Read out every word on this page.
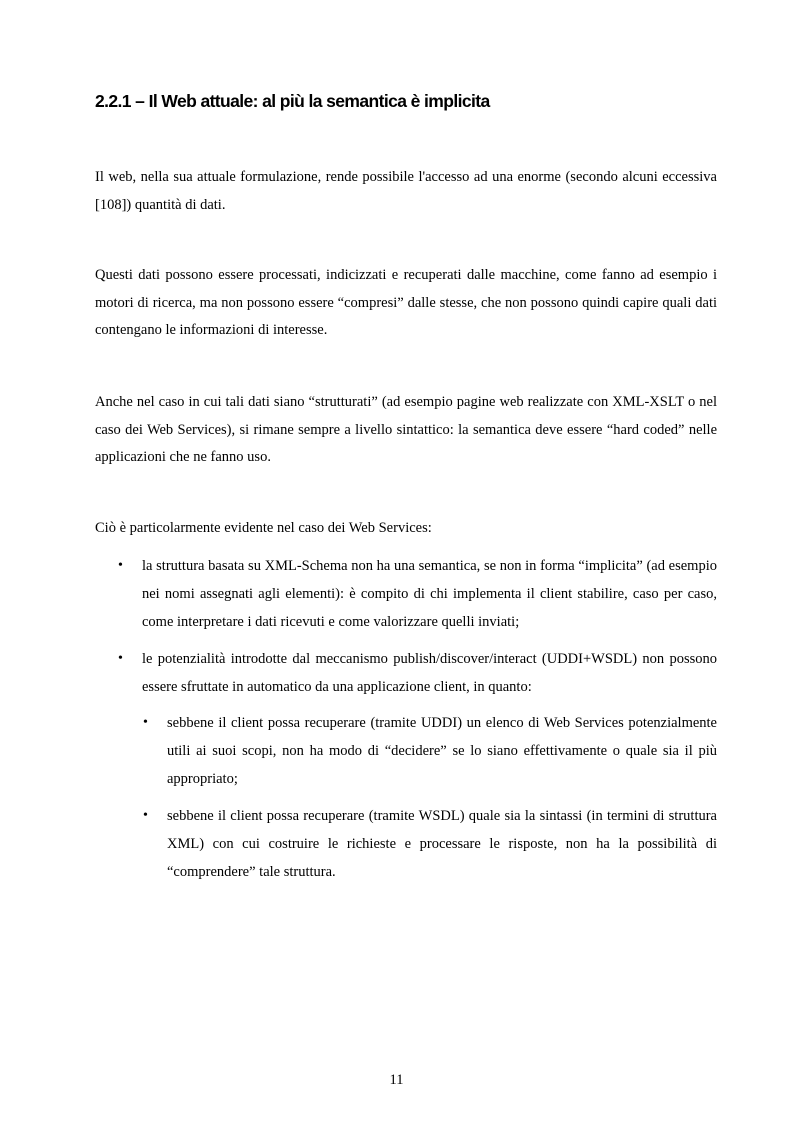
2.2.1 – Il Web attuale: al più la semantica è implicita

Il web, nella sua attuale formulazione, rende possibile l'accesso ad una enorme (secondo alcuni eccessiva [108]) quantità di dati.

Questi dati possono essere processati, indicizzati e recuperati dalle macchine, come fanno ad esempio i motori di ricerca, ma non possono essere “compresi” dalle stesse, che non possono quindi capire quali dati contengano le informazioni di interesse.

Anche nel caso in cui tali dati siano “strutturati” (ad esempio pagine web realizzate con XML-XSLT o nel caso dei Web Services), si rimane sempre a livello sintattico: la semantica deve essere “hard coded” nelle applicazioni che ne fanno uso.

Ciò è particolarmente evidente nel caso dei Web Services:

• la struttura basata su XML-Schema non ha una semantica, se non in forma “implicita” (ad esempio nei nomi assegnati agli elementi): è compito di chi implementa il client stabilire, caso per caso, come interpretare i dati ricevuti e come valorizzare quelli inviati;

• le potenzialità introdotte dal meccanismo publish/discover/interact (UDDI+WSDL) non possono essere sfruttate in automatico da una applicazione client, in quanto:

• sebbene il client possa recuperare (tramite UDDI) un elenco di Web Services potenzialmente utili ai suoi scopi, non ha modo di “decidere” se lo siano effettivamente o quale sia il più appropriato;

• sebbene il client possa recuperare (tramite WSDL) quale sia la sintassi (in termini di struttura XML) con cui costruire le richieste e processare le risposte, non ha la possibilità di “comprendere” tale struttura.

11
